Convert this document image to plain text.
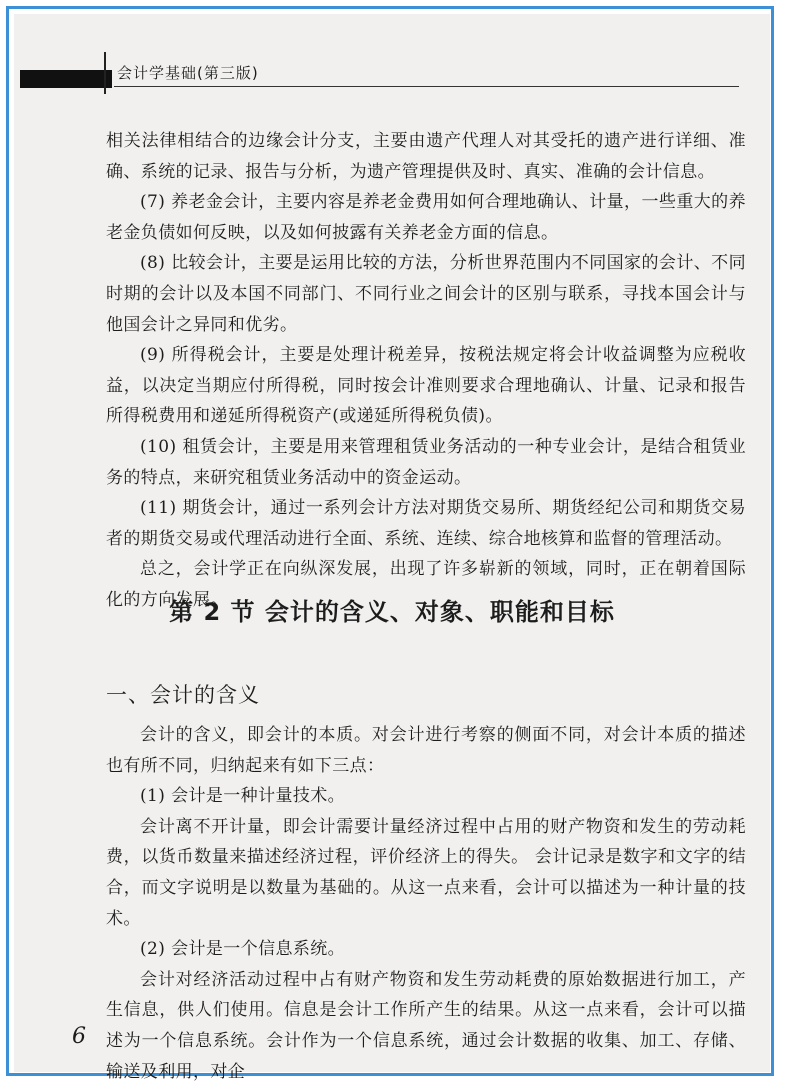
会计学基础(第三版)

相关法律相结合的边缘会计分支，主要由遗产代理人对其受托的遗产进行详细、准确、系统的记录、报告与分析，为遗产管理提供及时、真实、准确的会计信息。

(7) 养老金会计，主要内容是养老金费用如何合理地确认、计量，一些重大的养老金负债如何反映，以及如何披露有关养老金方面的信息。

(8) 比较会计，主要是运用比较的方法，分析世界范围内不同国家的会计、不同时期的会计以及本国不同部门、不同行业之间会计的区别与联系，寻找本国会计与他国会计之异同和优劣。

(9) 所得税会计，主要是处理计税差异，按税法规定将会计收益调整为应税收益，以决定当期应付所得税，同时按会计准则要求合理地确认、计量、记录和报告所得税费用和递延所得税资产(或递延所得税负债)。

(10) 租赁会计，主要是用来管理租赁业务活动的一种专业会计，是结合租赁业务的特点，来研究租赁业务活动中的资金运动。

(11) 期货会计，通过一系列会计方法对期货交易所、期货经纪公司和期货交易者的期货交易或代理活动进行全面、系统、连续、综合地核算和监督的管理活动。

总之，会计学正在向纵深发展，出现了许多崭新的领域，同时，正在朝着国际化的方向发展。

第 2 节 会计的含义、对象、职能和目标
一、会计的含义

会计的含义，即会计的本质。对会计进行考察的侧面不同，对会计本质的描述也有所不同，归纳起来有如下三点：

(1) 会计是一种计量技术。

会计离不开计量，即会计需要计量经济过程中占用的财产物资和发生的劳动耗费，以货币数量来描述经济过程，评价经济上的得失。 会计记录是数字和文字的结合，而文字说明是以数量为基础的。从这一点来看，会计可以描述为一种计量的技术。

(2) 会计是一个信息系统。

会计对经济活动过程中占有财产物资和发生劳动耗费的原始数据进行加工，产生信息，供人们使用。信息是会计工作所产生的结果。从这一点来看，会计可以描述为一个信息系统。会计作为一个信息系统，通过会计数据的收集、加工、存储、输送及利用，对企

6
